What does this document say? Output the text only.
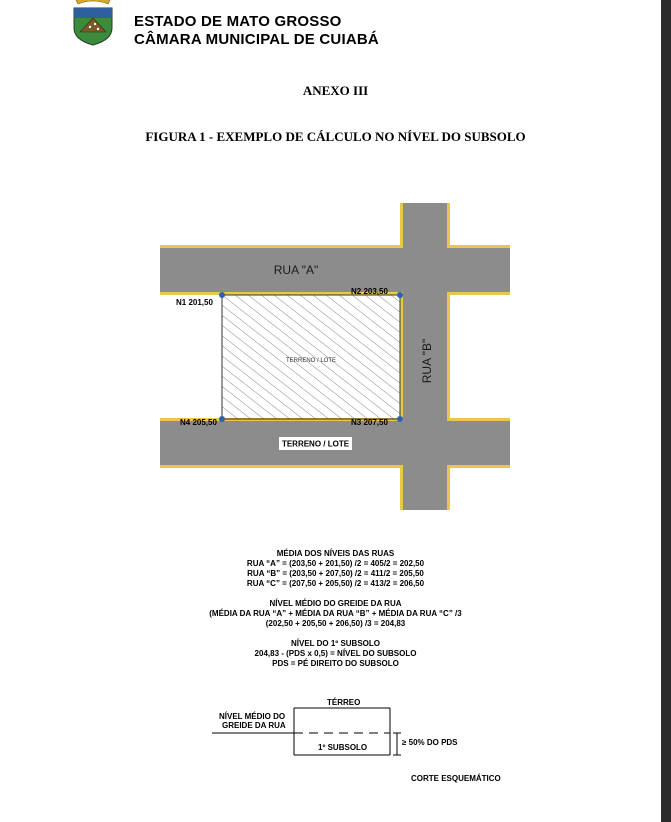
ESTADO DE MATO GROSSO
CÂMARA MUNICIPAL DE CUIABÁ
ANEXO III
FIGURA 1 - EXEMPLO DE CÁLCULO NO NÍVEL DO SUBSOLO
RUA "A"
RUA "B"
TERRENO / LOTE
TERRENO / LOTE
N1 201,50
N2 203,50
N3 207,50
N4 205,50
MÉDIA DOS NÍVEIS DAS RUAS
RUA “A” = (203,50 + 201,50) /2 = 405/2 = 202,50
RUA “B” = (203,50 + 207,50) /2 = 411/2 = 205,50
RUA “C” = (207,50 + 205,50) /2 = 413/2 = 206,50
NÍVEL MÉDIO DO GREIDE DA RUA
(MÉDIA DA RUA “A” + MÉDIA DA RUA “B” + MÉDIA DA RUA “C” /3
(202,50 + 205,50 + 206,50) /3 = 204,83
NÍVEL DO 1º SUBSOLO
204,83 - (PDS x 0,5) = NÍVEL DO SUBSOLO
PDS = PÉ DIREITO DO SUBSOLO
TÉRREO
NÍVEL MÉDIO DO
GREIDE DA RUA
1º SUBSOLO
≥ 50% DO PDS
CORTE ESQUEMÁTICO
